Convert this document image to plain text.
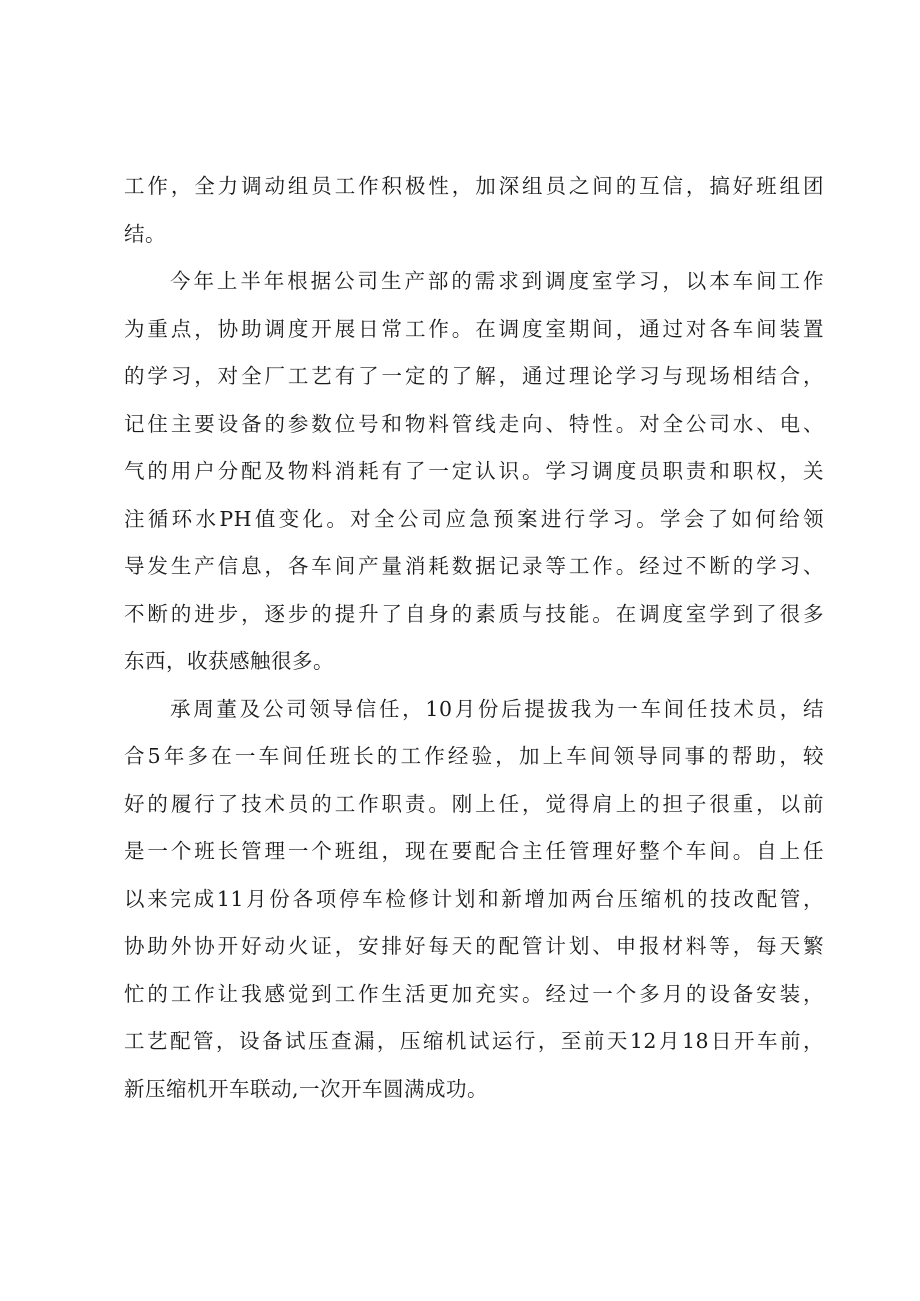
工作，全力调动组员工作积极性，加深组员之间的互信，搞好班组团
结。
今年上半年根据公司生产部的需求到调度室学习，以本车间工作
为重点，协助调度开展日常工作。在调度室期间，通过对各车间装置
的学习，对全厂工艺有了一定的了解，通过理论学习与现场相结合，
记住主要设备的参数位号和物料管线走向、特性。对全公司水、电、
气的用户分配及物料消耗有了一定认识。学习调度员职责和职权，关
注循环水PH值变化。对全公司应急预案进行学习。学会了如何给领
导发生产信息，各车间产量消耗数据记录等工作。经过不断的学习、
不断的进步，逐步的提升了自身的素质与技能。在调度室学到了很多
东西，收获感触很多。
承周董及公司领导信任，10月份后提拔我为一车间任技术员，结
合5年多在一车间任班长的工作经验，加上车间领导同事的帮助，较
好的履行了技术员的工作职责。刚上任，觉得肩上的担子很重，以前
是一个班长管理一个班组，现在要配合主任管理好整个车间。自上任
以来完成11月份各项停车检修计划和新增加两台压缩机的技改配管，
协助外协开好动火证，安排好每天的配管计划、申报材料等，每天繁
忙的工作让我感觉到工作生活更加充实。经过一个多月的设备安装，
工艺配管，设备试压查漏，压缩机试运行，至前天12月18日开车前，
新压缩机开车联动,一次开车圆满成功。
